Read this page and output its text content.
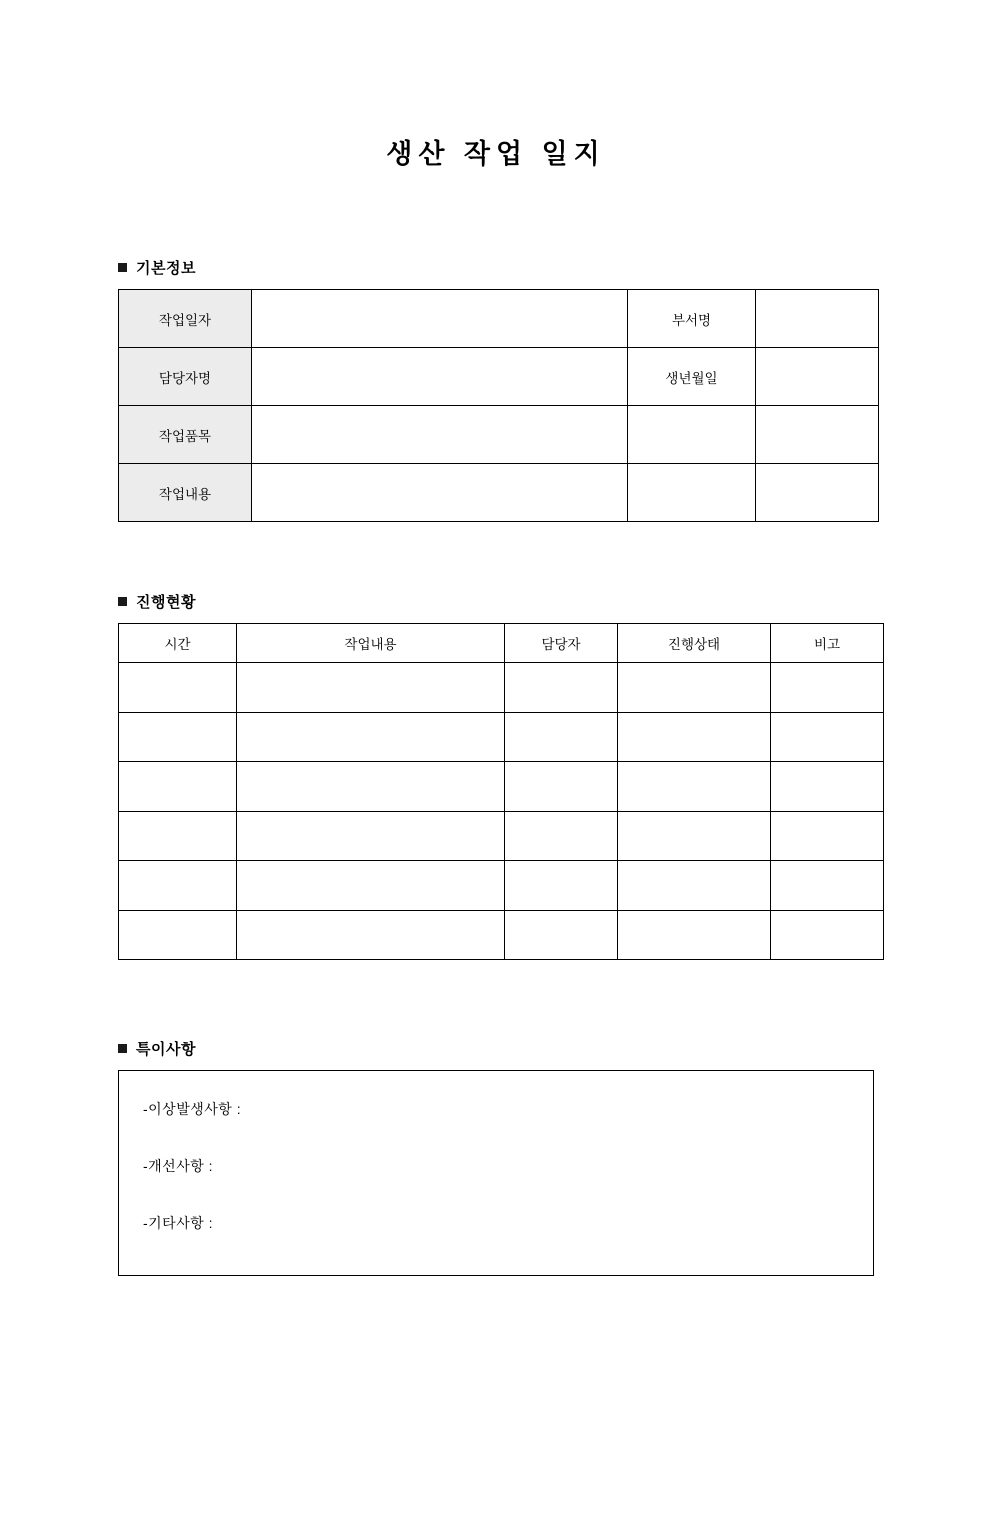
생산 작업 일지
기본정보
작업일자		부서명	
담당자명		생년월일	
작업품목			
작업내용			
진행현황
시간	작업내용	담당자	진행상태	비고

특이사항
-이상발생사항 :
-개선사항 :
-기타사항 :
